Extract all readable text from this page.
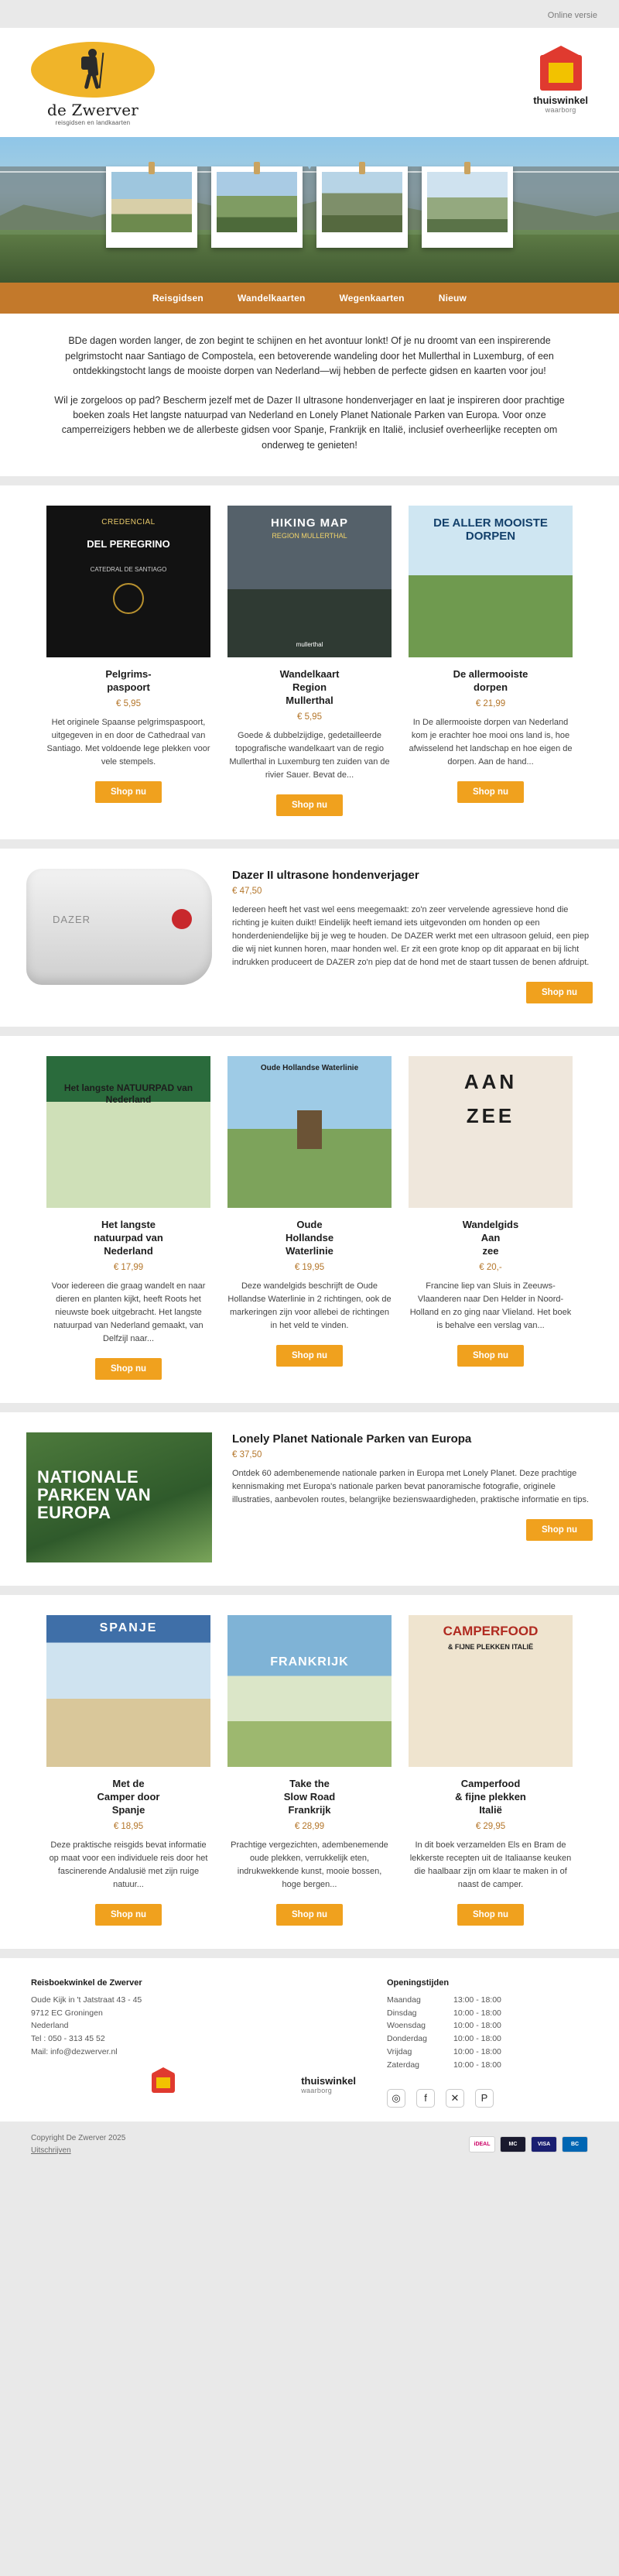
Online versie
de Zwerver
reisgidsen en landkaarten
thuiswinkel
waarborg
Reisgidsen	Wandelkaarten	Wegenkaarten	Nieuw

BDe dagen worden langer, de zon begint te schijnen en het avontuur lonkt! Of je nu droomt van een inspirerende pelgrimstocht naar Santiago de Compostela, een betoverende wandeling door het Mullerthal in Luxemburg, of een ontdekkingstocht langs de mooiste dorpen van Nederland—wij hebben de perfecte gidsen en kaarten voor jou!

Wil je zorgeloos op pad? Bescherm jezelf met de Dazer II ultrasone hondenverjager en laat je inspireren door prachtige boeken zoals Het langste natuurpad van Nederland en Lonely Planet Nationale Parken van Europa. Voor onze camperreizigers hebben we de allerbeste gidsen voor Spanje, Frankrijk en Italië, inclusief overheerlijke recepten om onderweg te genieten!

CREDENCIAL
DEL PEREGRINO
CATEDRAL DE SANTIAGO
Pelgrims-
paspoort
€ 5,95
Het originele Spaanse pelgrimspaspoort, uitgegeven in en door de Cathedraal van Santiago. Met voldoende lege plekken voor vele stempels.
Shop nu
HIKING MAP
REGION MULLERTHAL
mullerthal
Wandelkaart
Region
Mullerthal
€ 5,95
Goede & dubbelzijdige, gedetailleerde topografische wandelkaart van de regio Mullerthal in Luxemburg ten zuiden van de rivier Sauer. Bevat de...
Shop nu
DE ALLER MOOISTE DORPEN
De allermooiste
dorpen
€ 21,99
In De allermooiste dorpen van Nederland kom je erachter hoe mooi ons land is, hoe afwisselend het landschap en hoe eigen de dorpen. Aan de hand...
Shop nu
DAZER
Dazer II ultrasone hondenverjager
€ 47,50
Iedereen heeft het vast wel eens meegemaakt: zo'n zeer vervelende agressieve hond die richting je kuiten duikt! Eindelijk heeft iemand iets uitgevonden om honden op een honderdeniendelijke bij je weg te houden. De DAZER werkt met een ultrasoon geluid, een piep die wij niet kunnen horen, maar honden wel. Er zit een grote knop op dit apparaat en bij licht indrukken produceert de DAZER zo'n piep dat de hond met de staart tussen de benen afdruipt.
Shop nu
Het langste NATUURPAD van Nederland
Het langste
natuurpad van
Nederland
€ 17,99
Voor iedereen die graag wandelt en naar dieren en planten kijkt, heeft Roots het nieuwste boek uitgebracht. Het langste natuurpad van Nederland gemaakt, van Delfzijl naar...
Shop nu
Oude Hollandse Waterlinie
Oude
Hollandse
Waterlinie
€ 19,95
Deze wandelgids beschrijft de Oude Hollandse Waterlinie in 2 richtingen, ook de markeringen zijn voor allebei de richtingen in het veld te vinden.
Shop nu
AAN
ZEE
Wandelgids
Aan
zee
€ 20,-
Francine liep van Sluis in Zeeuws-Vlaanderen naar Den Helder in Noord-Holland en zo ging naar Vlieland. Het boek is behalve een verslag van...
Shop nu
NATIONALE PARKEN VAN EUROPA
Lonely Planet Nationale Parken van Europa
€ 37,50
Ontdek 60 adembenemende nationale parken in Europa met Lonely Planet. Deze prachtige kennismaking met Europa's nationale parken bevat panoramische fotografie, originele illustraties, aanbevolen routes, belangrijke bezienswaardigheden, praktische informatie en tips.
Shop nu
SPANJE
Met de
Camper door
Spanje
€ 18,95
Deze praktische reisgids bevat informatie op maat voor een individuele reis door het fascinerende Andalusië met zijn ruige natuur...
Shop nu
FRANKRIJK
Take the
Slow Road
Frankrijk
€ 28,99
Prachtige vergezichten, adembenemende oude plekken, verrukkelijk eten, indrukwekkende kunst, mooie bossen, hoge bergen...
Shop nu
CAMPERFOOD
& FIJNE PLEKKEN ITALIË
Camperfood
& fijne plekken
Italië
€ 29,95
In dit boek verzamelden Els en Bram de lekkerste recepten uit de Italiaanse keuken die haalbaar zijn om klaar te maken in of naast de camper.
Shop nu
Reisboekwinkel de Zwerver

Oude Kijk in 't Jatstraat 43 - 45
9712 EC Groningen
Nederland
Tel : 050 - 313 45 52
Mail: info@dezwerver.nl

thuiswinkel
waarborg
Openingstijden
Maandag	13:00 - 18:00
Dinsdag	10:00 - 18:00
Woensdag	10:00 - 18:00
Donderdag	10:00 - 18:00
Vrijdag	10:00 - 18:00
Zaterdag	10:00 - 18:00
◎	f	✕	P
Copyright De Zwerver 2025
Uitschrijven
iDEAL	MC	VISA	BC
